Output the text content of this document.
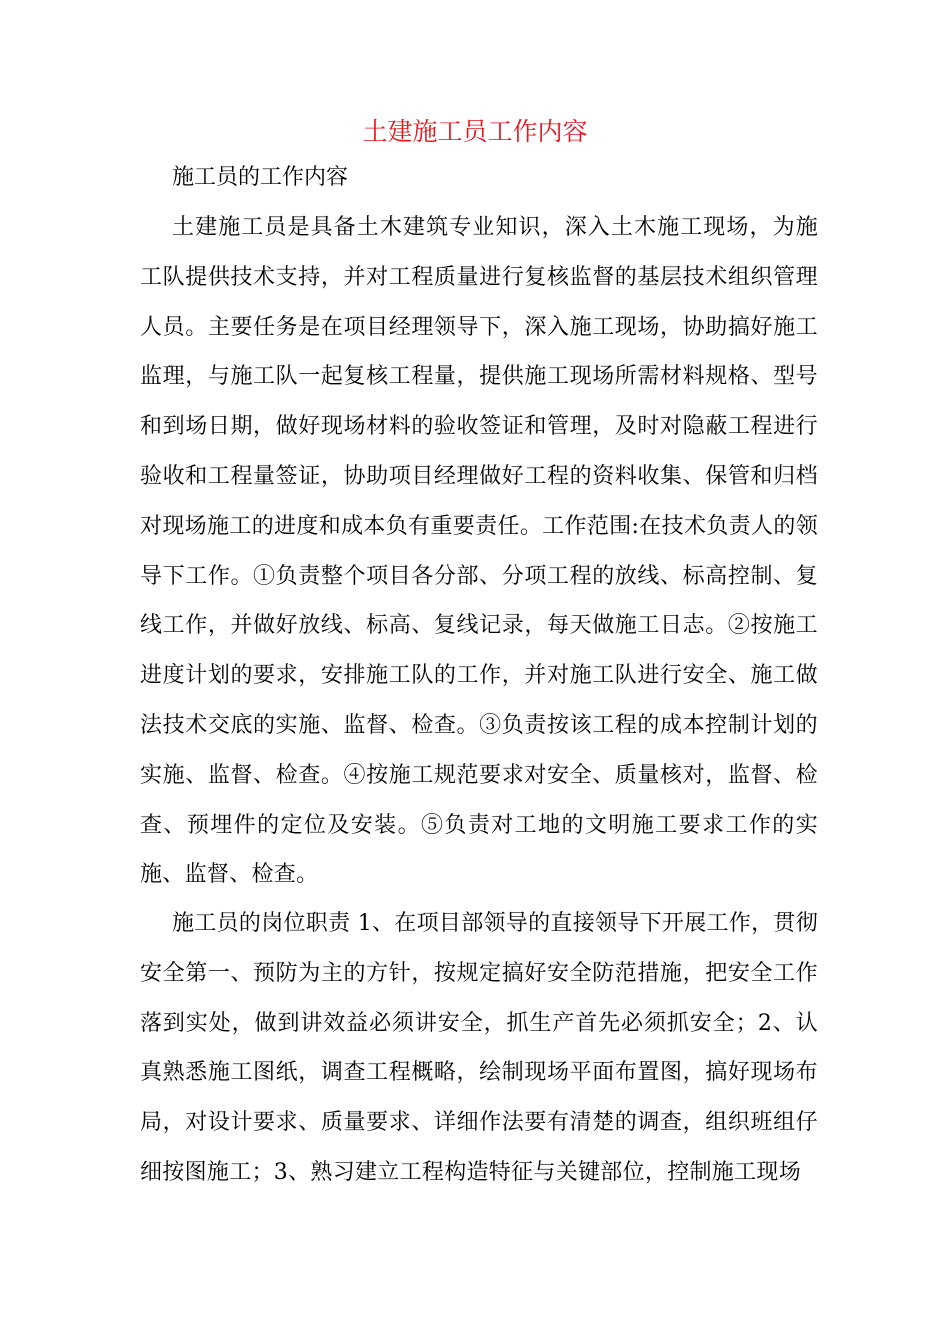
土建施工员工作内容

施工员的工作内容

土建施工员是具备土木建筑专业知识，深入土木施工现场，为施工队提供技术支持，并对工程质量进行复核监督的基层技术组织管理人员。主要任务是在项目经理领导下，深入施工现场，协助搞好施工监理，与施工队一起复核工程量，提供施工现场所需材料规格、型号和到场日期，做好现场材料的验收签证和管理，及时对隐蔽工程进行验收和工程量签证，协助项目经理做好工程的资料收集、保管和归档对现场施工的进度和成本负有重要责任。工作范围:在技术负责人的领导下工作。①负责整个项目各分部、分项工程的放线、标高控制、复线工作，并做好放线、标高、复线记录，每天做施工日志。②按施工进度计划的要求，安排施工队的工作，并对施工队进行安全、施工做法技术交底的实施、监督、检查。③负责按该工程的成本控制计划的实施、监督、检查。④按施工规范要求对安全、质量核对，监督、检查、预埋件的定位及安装。⑤负责对工地的文明施工要求工作的实施、监督、检查。

施工员的岗位职责 1、在项目部领导的直接领导下开展工作，贯彻安全第一、预防为主的方针，按规定搞好安全防范措施，把安全工作落到实处，做到讲效益必须讲安全，抓生产首先必须抓安全；2、认真熟悉施工图纸，调查工程概略，绘制现场平面布置图，搞好现场布局，对设计要求、质量要求、详细作法要有清楚的调查，组织班组仔细按图施工；3、熟习建立工程构造特征与关键部位，控制施工现场
